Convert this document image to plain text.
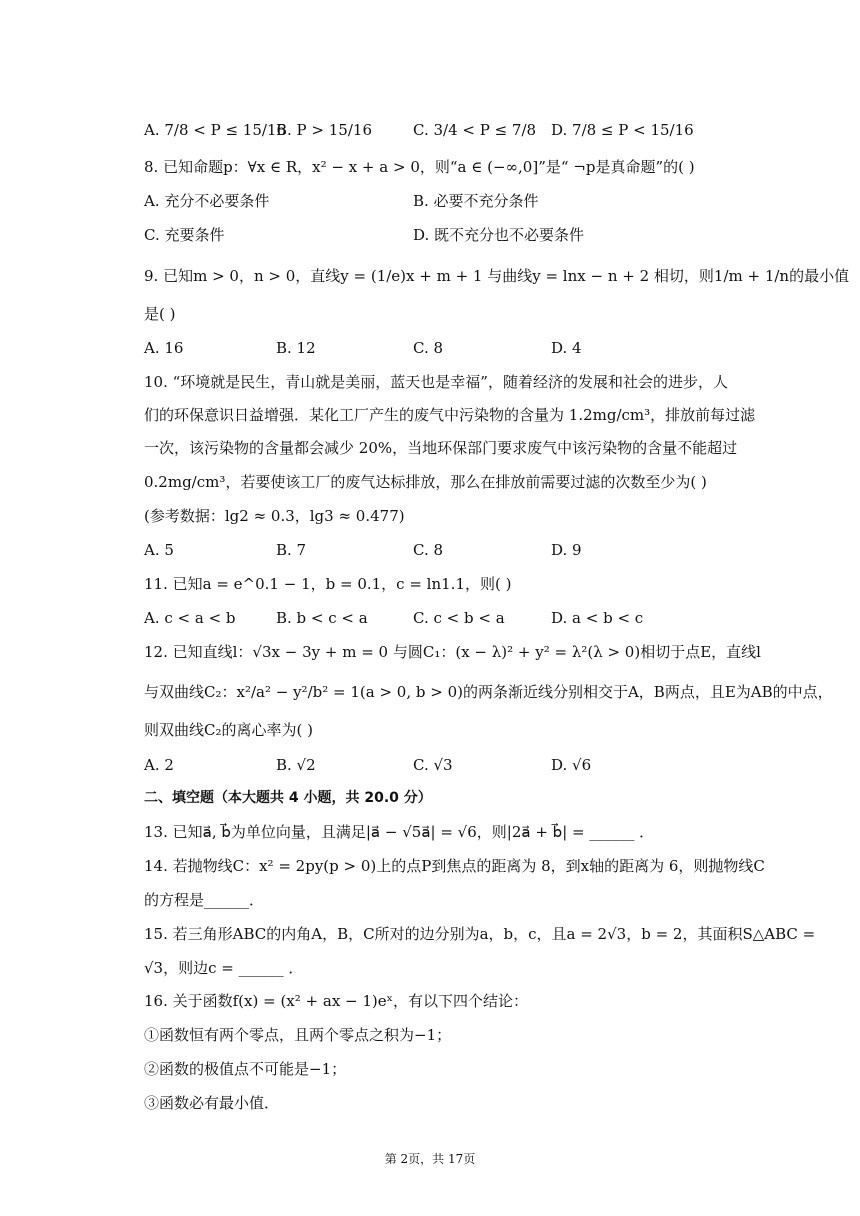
A. 7/8 < P ≤ 15/16
B. P > 15/16	C. 3/4 < P ≤ 7/8 D. 7/8 ≤ P < 15/16
8. 已知命题p：∀x ∈ R，x² − x + a > 0，则“a ∈ (−∞,0]”是“ ¬p是真命题”的( )
A. 充分不必要条件	B. 必要不充分条件
C. 充要条件	D. 既不充分也不必要条件
9. 已知m > 0，n > 0，直线y = (1/e)x + m + 1 与曲线y = lnx − n + 2 相切，则1/m + 1/n的最小值
是( )
A. 16	B. 12	C. 8	D. 4
10. “环境就是民生，青山就是美丽，蓝天也是幸福”，随着经济的发展和社会的进步，人
们的环保意识日益增强．某化工厂产生的废气中污染物的含量为 1.2mg/cm³，排放前每过滤
一次，该污染物的含量都会减少 20%，当地环保部门要求废气中该污染物的含量不能超过
0.2mg/cm³，若要使该工厂的废气达标排放，那么在排放前需要过滤的次数至少为( )
(参考数据：lg2 ≈ 0.3，lg3 ≈ 0.477)
A. 5	B. 7	C. 8	D. 9
11. 已知a = e^0.1 − 1，b = 0.1，c = ln1.1，则( )
A. c < a < b	B. b < c < a	C. c < b < a	D. a < b < c
12. 已知直线l：√3x − 3y + m = 0 与圆C₁：(x − λ)² + y² = λ²(λ > 0)相切于点E，直线l
与双曲线C₂：x²/a² − y²/b² = 1(a > 0, b > 0)的两条渐近线分别相交于A，B两点，且E为AB的中点，
则双曲线C₂的离心率为( )
A. 2	B. √2	C. √3	D. √6
二、填空题（本大题共 4 小题，共 20.0 分）
13. 已知a⃗, b⃗为单位向量，且满足|a⃗ − √5a⃗| = √6，则|2a⃗ + b⃗| = ______ ．
14. 若抛物线C：x² = 2py(p > 0)上的点P到焦点的距离为 8，到x轴的距离为 6，则抛物线C
的方程是______．
15. 若三角形ABC的内角A，B，C所对的边分别为a，b，c，且a = 2√3，b = 2，其面积S△ABC =
√3，则边c = ______ ．
16. 关于函数f(x) = (x² + ax − 1)eˣ，有以下四个结论：
①函数恒有两个零点，且两个零点之积为−1；
②函数的极值点不可能是−1；
③函数必有最小值．
第 2页，共 17页
